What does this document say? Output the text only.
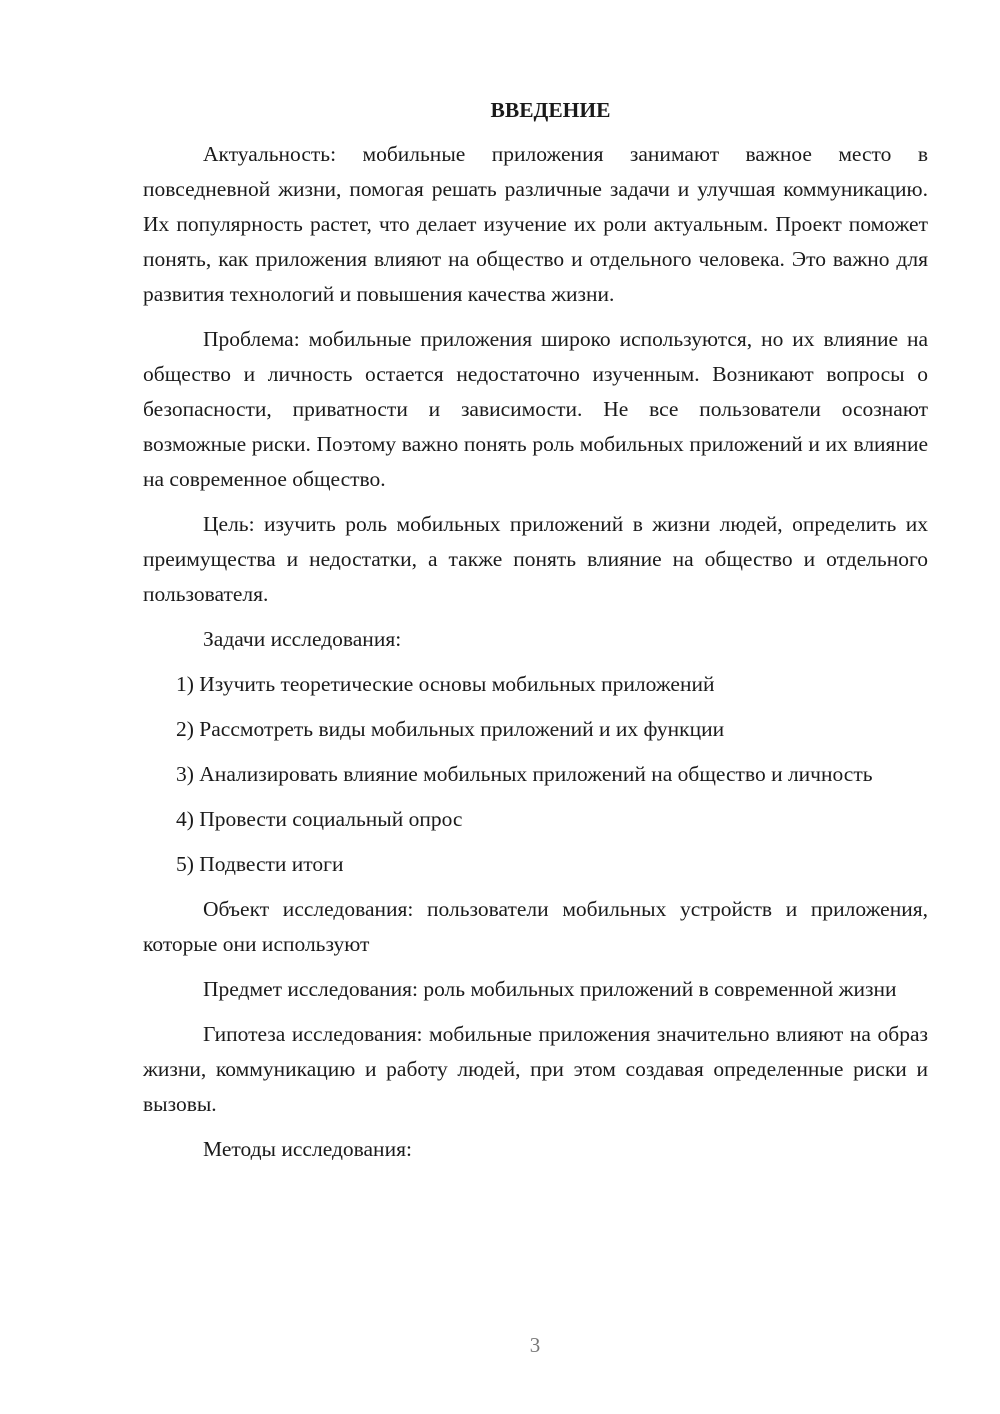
ВВЕДЕНИЕ

Актуальность: мобильные приложения занимают важное место в повседневной жизни, помогая решать различные задачи и улучшая коммуникацию. Их популярность растет, что делает изучение их роли актуальным. Проект поможет понять, как приложения влияют на общество и отдельного человека. Это важно для развития технологий и повышения качества жизни.

Проблема: мобильные приложения широко используются, но их влияние на общество и личность остается недостаточно изученным. Возникают вопросы о безопасности, приватности и зависимости. Не все пользователи осознают возможные риски. Поэтому важно понять роль мобильных приложений и их влияние на современное общество.

Цель: изучить роль мобильных приложений в жизни людей, определить их преимущества и недостатки, а также понять влияние на общество и отдельного пользователя.

Задачи исследования:

1) Изучить теоретические основы мобильных приложений

2) Рассмотреть виды мобильных приложений и их функции

3) Анализировать влияние мобильных приложений на общество и личность

4) Провести социальный опрос

5) Подвести итоги

Объект исследования: пользователи мобильных устройств и приложения, которые они используют

Предмет исследования: роль мобильных приложений в современной жизни

Гипотеза исследования: мобильные приложения значительно влияют на образ жизни, коммуникацию и работу людей, при этом создавая определенные риски и вызовы.

Методы исследования:

3
